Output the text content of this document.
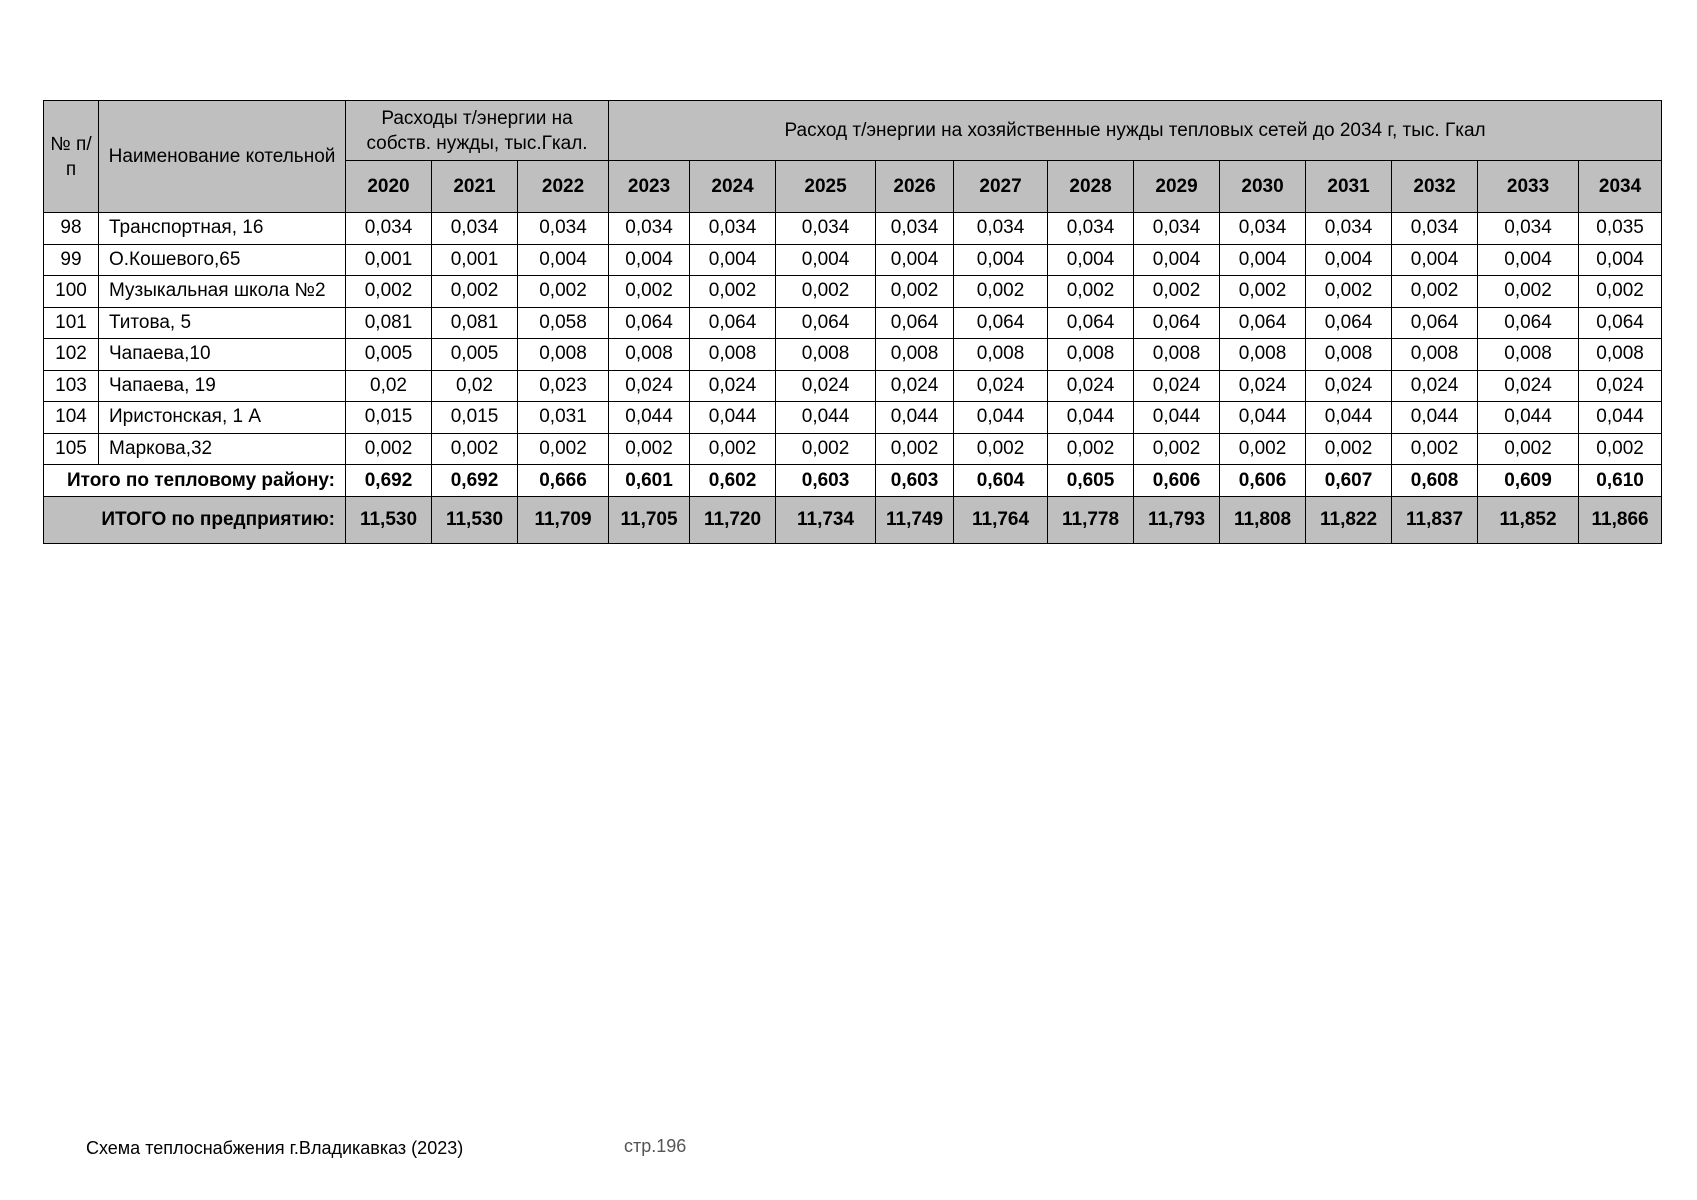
№ п/п	Наименование котельной	Расходы т/энергии на собств. нужды, тыс.Гкал.			Расход т/энергии на хозяйственные нужды тепловых сетей до 2034 г, тыс. Гкал											
		2020	2021	2022	2023	2024	2025	2026	2027	2028	2029	2030	2031	2032	2033	2034
98	Транспортная, 16	0,034	0,034	0,034	0,034	0,034	0,034	0,034	0,034	0,034	0,034	0,034	0,034	0,034	0,034	0,035
99	О.Кошевого,65	0,001	0,001	0,004	0,004	0,004	0,004	0,004	0,004	0,004	0,004	0,004	0,004	0,004	0,004	0,004
100	Музыкальная школа №2	0,002	0,002	0,002	0,002	0,002	0,002	0,002	0,002	0,002	0,002	0,002	0,002	0,002	0,002	0,002
101	Титова, 5	0,081	0,081	0,058	0,064	0,064	0,064	0,064	0,064	0,064	0,064	0,064	0,064	0,064	0,064	0,064
102	Чапаева,10	0,005	0,005	0,008	0,008	0,008	0,008	0,008	0,008	0,008	0,008	0,008	0,008	0,008	0,008	0,008
103	Чапаева, 19	0,02	0,02	0,023	0,024	0,024	0,024	0,024	0,024	0,024	0,024	0,024	0,024	0,024	0,024	0,024
104	Иристонская, 1 А	0,015	0,015	0,031	0,044	0,044	0,044	0,044	0,044	0,044	0,044	0,044	0,044	0,044	0,044	0,044
105	Маркова,32	0,002	0,002	0,002	0,002	0,002	0,002	0,002	0,002	0,002	0,002	0,002	0,002	0,002	0,002	0,002
Итого по тепловому району:		0,692	0,692	0,666	0,601	0,602	0,603	0,603	0,604	0,605	0,606	0,606	0,607	0,608	0,609	0,610
ИТОГО по предприятию:		11,530	11,530	11,709	11,705	11,720	11,734	11,749	11,764	11,778	11,793	11,808	11,822	11,837	11,852	11,866
Схема теплоснабжения г.Владикавказ (2023)	стр.196
